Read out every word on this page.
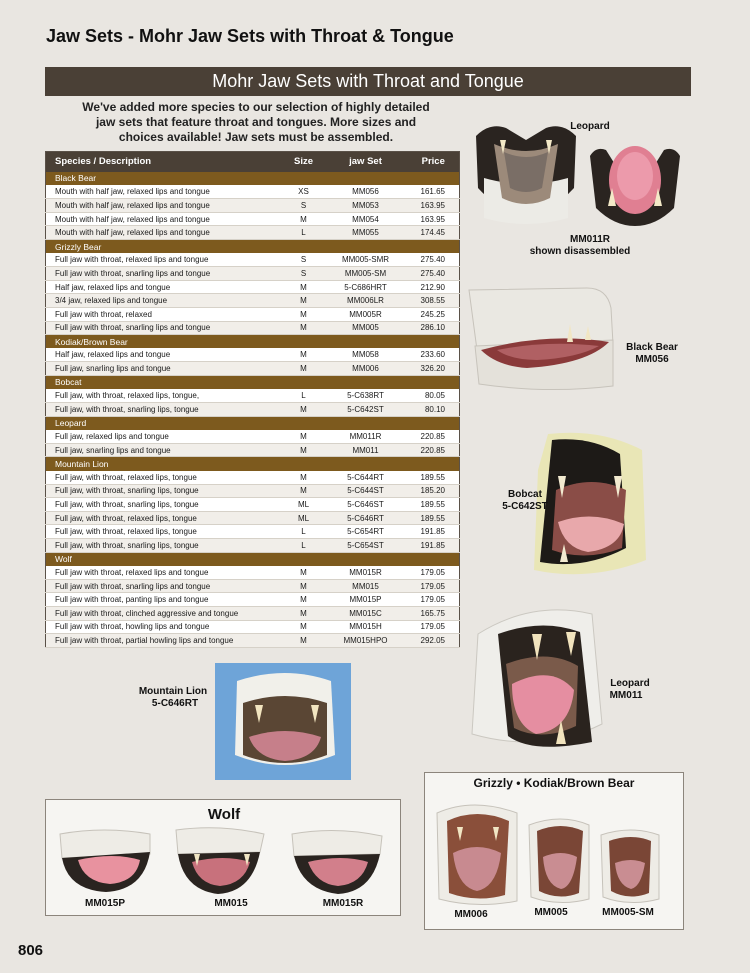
Jaw Sets - Mohr Jaw Sets with Throat & Tongue
Mohr Jaw Sets with Throat and Tongue
We've added more species to our selection of highly detailed jaw sets that feature throat and tongues. More sizes and choices available! Jaw sets must be assembled.
Species / Description	Size	jaw Set	Price
Black Bear			
Mouth with half jaw, relaxed lips and tongue	XS	MM056	161.65
Mouth with half jaw, relaxed lips and tongue	S	MM053	163.95
Mouth with half jaw, relaxed lips and tongue	M	MM054	163.95
Mouth with half jaw, relaxed lips and tongue	L	MM055	174.45
Grizzly Bear			
Full jaw with throat, relaxed lips and tongue	S	MM005-SMR	275.40
Full jaw with throat, snarling lips and tongue	S	MM005-SM	275.40
Half jaw, relaxed lips and tongue	M	5-C686HRT	212.90
3/4 jaw, relaxed lips and tongue	M	MM006LR	308.55
Full jaw with throat, relaxed	M	MM005R	245.25
Full jaw with throat, snarling lips and tongue	M	MM005	286.10
Kodiak/Brown Bear			
Half jaw, relaxed lips and tongue	M	MM058	233.60
Full jaw, snarling lips and tongue	M	MM006	326.20
Bobcat			
Full jaw, with throat, relaxed lips, tongue,	L	5-C638RT	80.05
Full jaw, with throat, snarling lips, tongue	M	5-C642ST	80.10
Leopard			
Full jaw, relaxed lips and tongue	M	MM011R	220.85
Full jaw, snarling lips and tongue	M	MM011	220.85
Mountain Lion			
Full jaw, with throat, relaxed lips, tongue	M	5-C644RT	189.55
Full jaw, with throat, snarling lips, tongue	M	5-C644ST	185.20
Full jaw, with throat, snarling lips, tongue	ML	5-C646ST	189.55
Full jaw, with throat, relaxed lips, tongue	ML	5-C646RT	189.55
Full jaw, with throat, relaxed lips, tongue	L	5-C654RT	191.85
Full jaw, with throat, snarling lips, tongue	L	5-C654ST	191.85
Wolf			
Full jaw with throat, relaxed lips and tongue	M	MM015R	179.05
Full jaw with throat, snarling lips and tongue	M	MM015	179.05
Full jaw with throat, panting lips and tongue	M	MM015P	179.05
Full jaw with throat, clinched aggressive and tongue	M	MM015C	165.75
Full jaw with throat, howling lips and tongue	M	MM015H	179.05
Full jaw with throat, partial howling lips and tongue	M	MM015HPO	292.05
Leopard
MM011R
shown disassembled
Black Bear
MM056
Bobcat
5-C642ST
Leopard
MM011
Mountain Lion
5-C646RT
Grizzly • Kodiak/Brown Bear
MM006	MM005	MM005-SM
Wolf
MM015P	MM015	MM015R
806
